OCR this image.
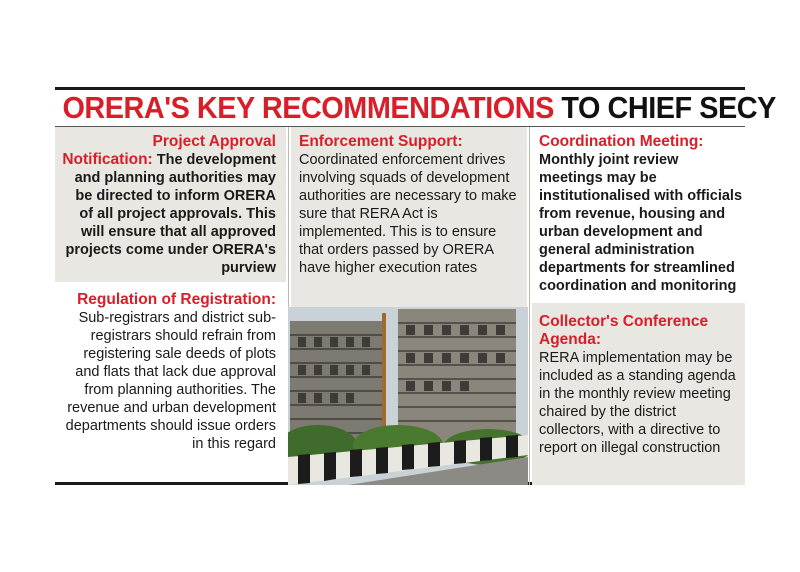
ORERA'S KEY RECOMMENDATIONS TO CHIEF SECY
Project Approval Notification: The development and planning authorities may be directed to inform ORERA of all project approvals. This will ensure that all approved projects come under ORERA's purview
Regulation of Registration:
Sub-registrars and district sub-registrars should refrain from registering sale deeds of plots and flats that lack due approval from planning authorities. The revenue and urban development departments should issue orders in this regard
Enforcement Support:
Coordinated enforcement drives involving squads of development authorities are necessary to make sure that RERA Act is implemented. This is to ensure that orders passed by ORERA have higher execution rates
Coordination Meeting:
Monthly joint review meetings may be institutionalised with officials from revenue, housing and urban development and general administration departments for streamlined coordination and monitoring
Collector's Conference Agenda:
RERA implementation may be included as a standing agenda in the monthly review meeting chaired by the district collectors, with a directive to report on illegal construction
